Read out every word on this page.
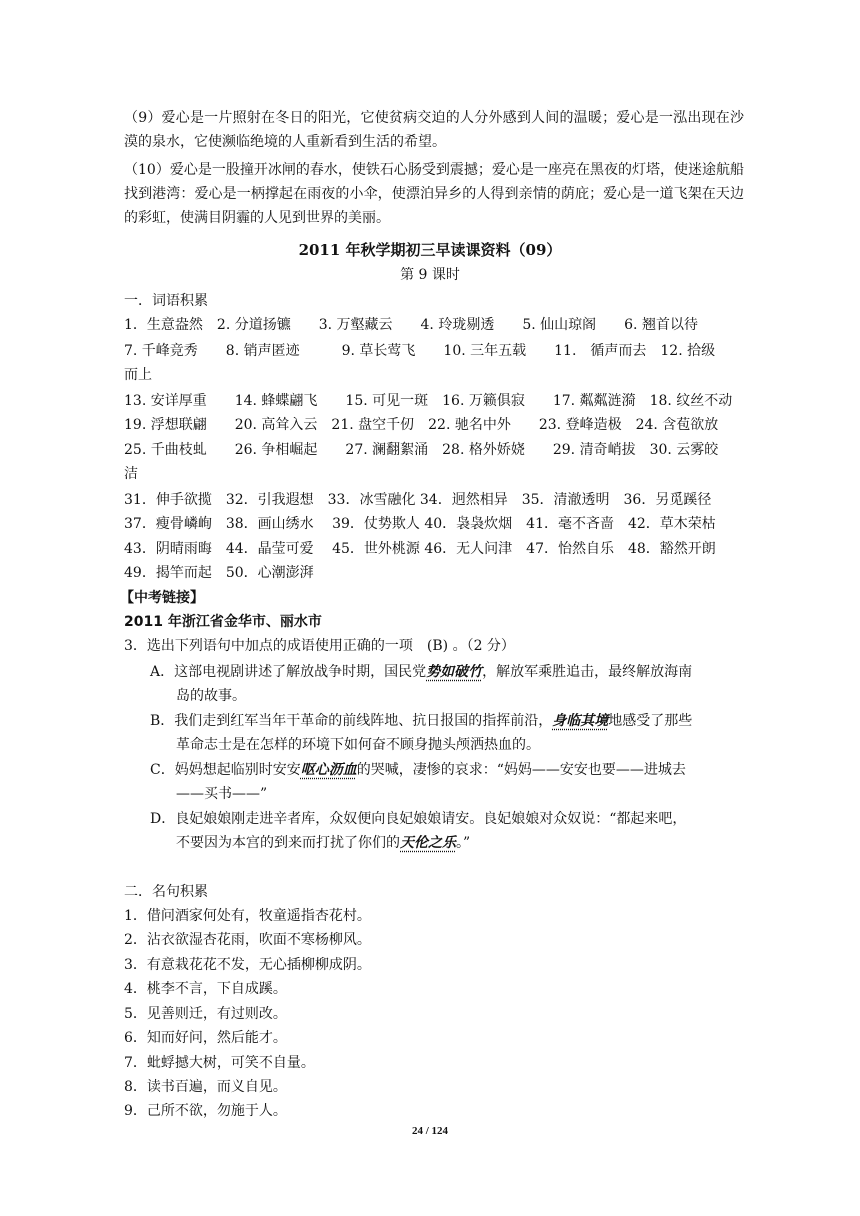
（9）爱心是一片照射在冬日的阳光，它使贫病交迫的人分外感到人间的温暖；爱心是一泓出现在沙漠的泉水，它使濒临绝境的人重新看到生活的希望。
（10）爱心是一股撞开冰闸的春水，使铁石心肠受到震撼；爱心是一座亮在黑夜的灯塔，使迷途航船找到港湾：爱心是一柄撑起在雨夜的小伞，使漂泊异乡的人得到亲情的荫庇；爱心是一道飞架在天边的彩虹，使满目阴霾的人见到世界的美丽。
2011 年秋学期初三早读课资料（09）
第 9 课时
一．词语积累
1．生意盎然　2. 分道扬镳　　3. 万壑藏云　　4. 玲珑剔透　　5. 仙山琼阁　　6. 翘首以待
7. 千峰竞秀　　8. 销声匿迹　　　9. 草长莺飞　　10. 三年五载　　11.　循声而去　12. 拾级
而上
13. 安详厚重　　14. 蜂蝶翩飞　　15. 可见一斑　16. 万籁俱寂　　17. 粼粼涟漪　18. 纹丝不动
19. 浮想联翩　　20. 高耸入云　21. 盘空千仞　22. 驰名中外　　23. 登峰造极　24. 含苞欲放
25. 千曲枝虬　　26. 争相崛起　　27. 澜翻絮涌　28. 格外娇娆　　29. 清奇峭拔　30. 云雾皎
洁
31．伸手欲揽　32．引我遐想　33．冰雪融化 34．迥然相异　35．清澈透明　36．另觅蹊径
37．瘦骨嶙峋　38．画山绣水　 39．仗势欺人 40．袅袅炊烟　41．毫不吝啬　42．草木荣枯
43．阴晴雨晦　44．晶莹可爱　 45．世外桃源 46．无人问津　47．怡然自乐　48．豁然开朗
49．揭竿而起　50．心潮澎湃
【中考链接】
2011 年浙江省金华市、丽水市
3．选出下列语句中加点的成语使用正确的一项　(B) 。（2 分）
A．这部电视剧讲述了解放战争时期，国民党势如破竹，解放军乘胜追击，最终解放海南
岛的故事。
B．我们走到红军当年干革命的前线阵地、抗日报国的指挥前沿，身临其境地感受了那些
革命志士是在怎样的环境下如何奋不顾身抛头颅洒热血的。
C．妈妈想起临别时安安呕心沥血的哭喊，凄惨的哀求：“妈妈——安安也要——进城去
——买书——”
D．良妃娘娘刚走进辛者库，众奴便向良妃娘娘请安。良妃娘娘对众奴说：“都起来吧，
不要因为本宫的到来而打扰了你们的天伦之乐。”
二．名句积累
1．借问酒家何处有，牧童遥指杏花村。
2．沾衣欲湿杏花雨，吹面不寒杨柳风。
3．有意栽花花不发，无心插柳柳成阴。
4．桃李不言，下自成蹊。
5．见善则迁，有过则改。
6．知而好问，然后能才。
7．蚍蜉撼大树，可笑不自量。
8．读书百遍，而义自见。
9．己所不欲，勿施于人。
24 / 124
